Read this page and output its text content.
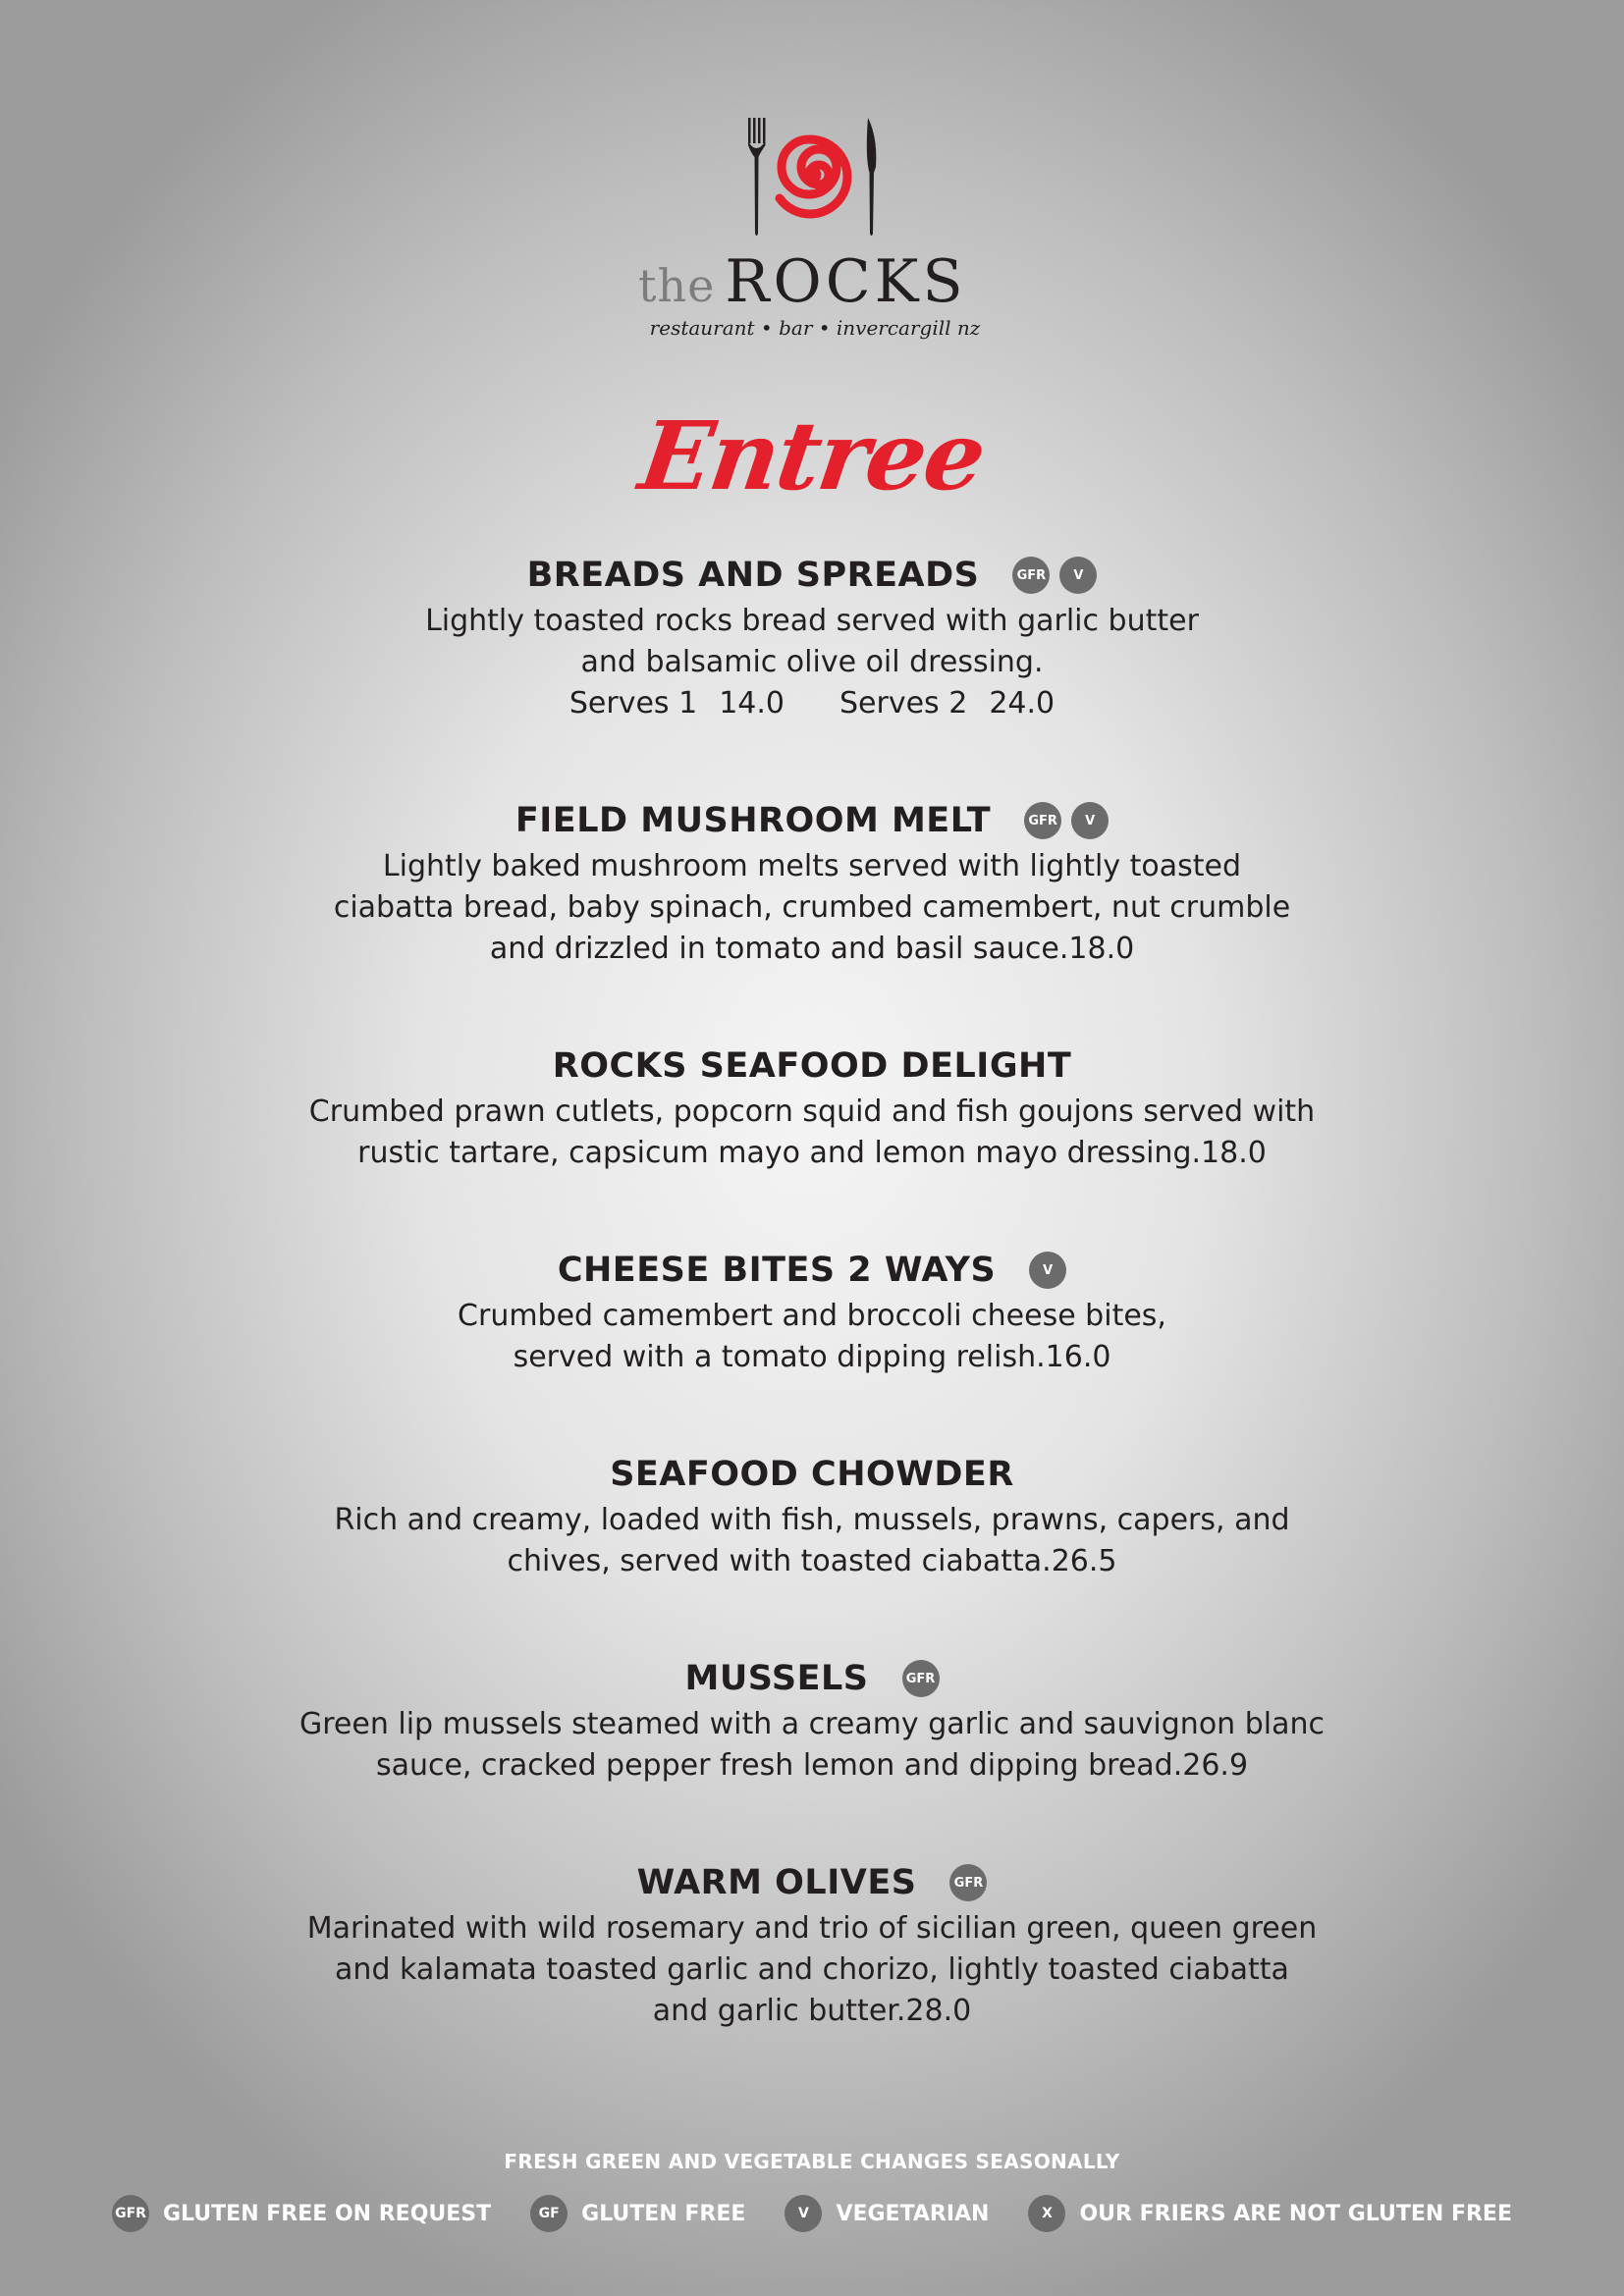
the ROCKS
restaurant • bar • invercargill nz
Entree
BREADS AND SPREADS	GFR	V
Lightly toasted rocks bread served with garlic butter
and balsamic olive oil dressing.
Serves 1 14.0 Serves 2 24.0
FIELD MUSHROOM MELT	GFR	V
Lightly baked mushroom melts served with lightly toasted
ciabatta bread, baby spinach, crumbed camembert, nut crumble
and drizzled in tomato and basil sauce.18.0
ROCKS SEAFOOD DELIGHT
Crumbed prawn cutlets, popcorn squid and fish goujons served with
rustic tartare, capsicum mayo and lemon mayo dressing.18.0
CHEESE BITES 2 WAYS	V
Crumbed camembert and broccoli cheese bites,
served with a tomato dipping relish.16.0
SEAFOOD CHOWDER
Rich and creamy, loaded with fish, mussels, prawns, capers, and
chives, served with toasted ciabatta.26.5
MUSSELS	GFR
Green lip mussels steamed with a creamy garlic and sauvignon blanc
sauce, cracked pepper fresh lemon and dipping bread.26.9
WARM OLIVES	GFR
Marinated with wild rosemary and trio of sicilian green, queen green
and kalamata toasted garlic and chorizo, lightly toasted ciabatta
and garlic butter.28.0
FRESH GREEN AND VEGETABLE CHANGES SEASONALLY
GFR GLUTEN FREE ON REQUEST	GF	GLUTEN FREE	V	VEGETARIAN	X	OUR FRIERS ARE NOT GLUTEN FREE
